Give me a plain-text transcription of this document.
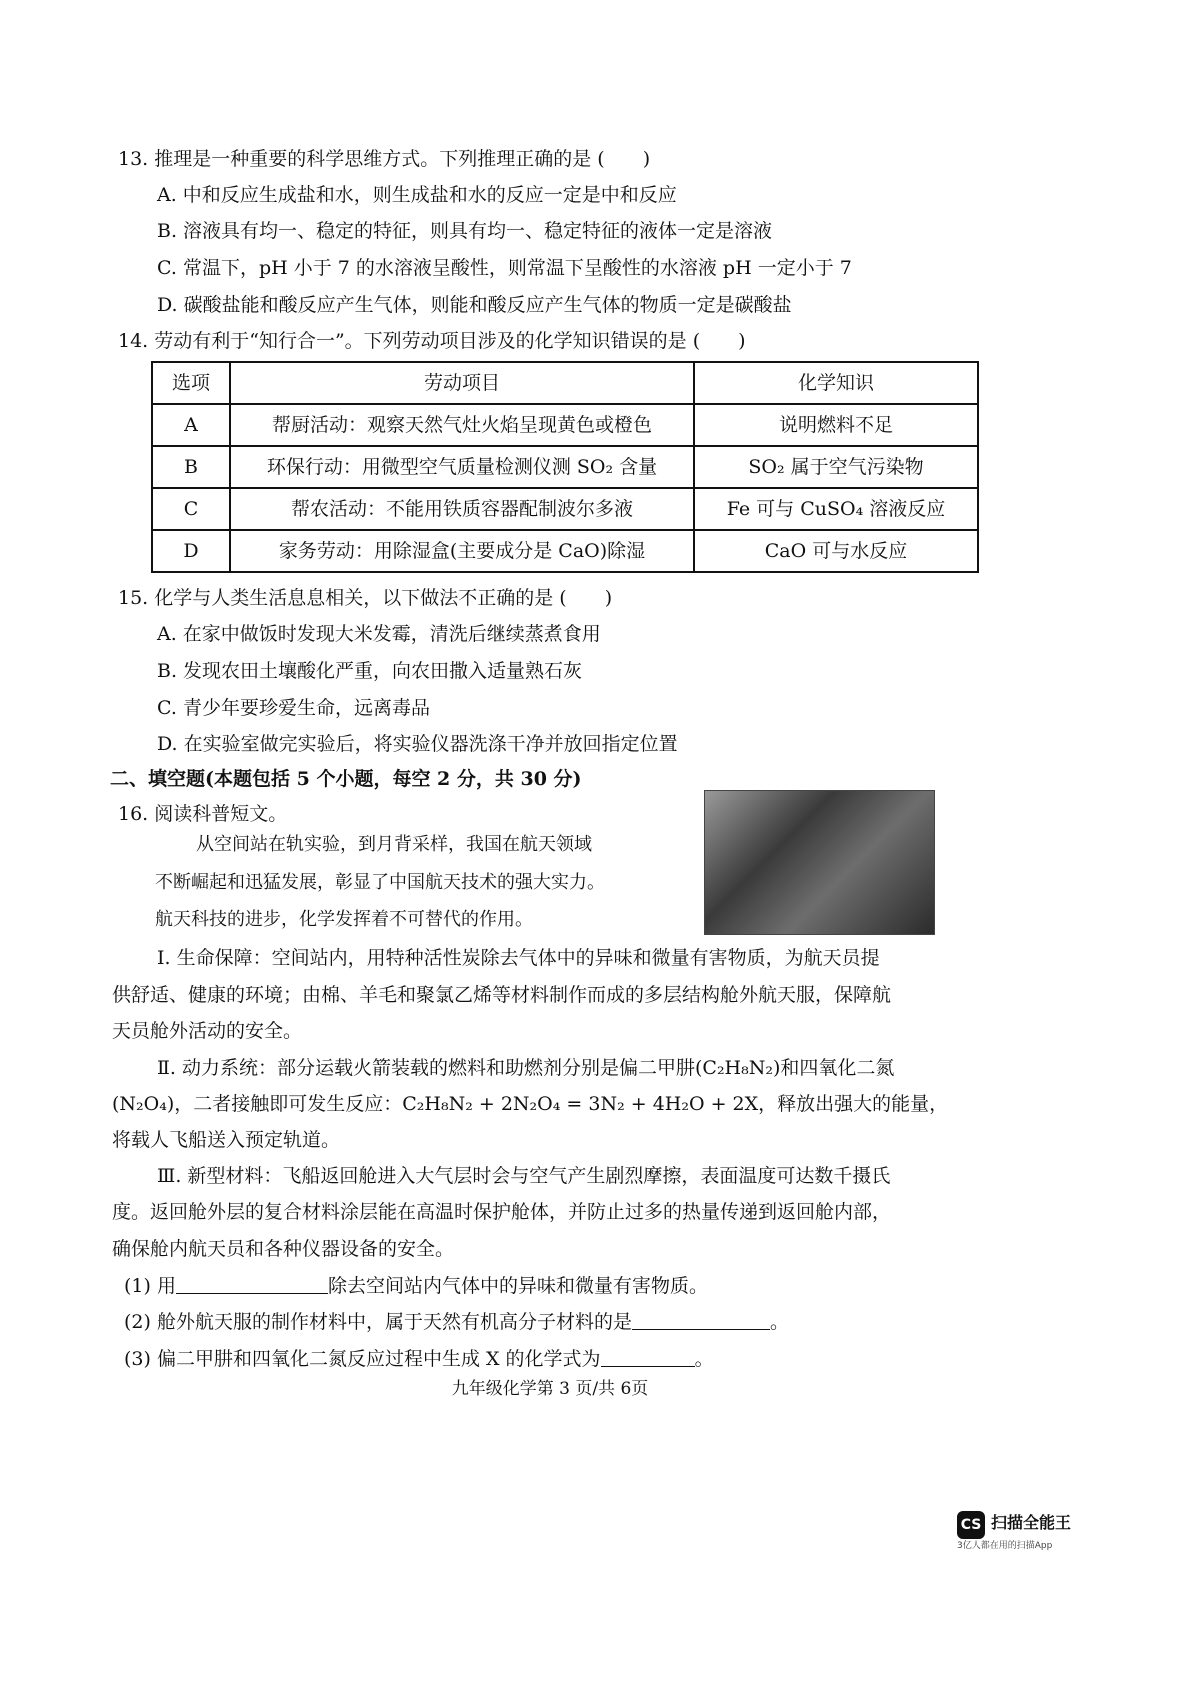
13. 推理是一种重要的科学思维方式。下列推理正确的是 (　　)
A. 中和反应生成盐和水，则生成盐和水的反应一定是中和反应
B. 溶液具有均一、稳定的特征，则具有均一、稳定特征的液体一定是溶液
C. 常温下，pH 小于 7 的水溶液呈酸性，则常温下呈酸性的水溶液 pH 一定小于 7
D. 碳酸盐能和酸反应产生气体，则能和酸反应产生气体的物质一定是碳酸盐
14. 劳动有利于“知行合一”。下列劳动项目涉及的化学知识错误的是 (　　)
选项	劳动项目	化学知识
A	帮厨活动：观察天然气灶火焰呈现黄色或橙色	说明燃料不足
B	环保行动：用微型空气质量检测仪测 SO₂ 含量	SO₂ 属于空气污染物
C	帮农活动：不能用铁质容器配制波尔多液	Fe 可与 CuSO₄ 溶液反应
D	家务劳动：用除湿盒(主要成分是 CaO)除湿	CaO 可与水反应
15. 化学与人类生活息息相关，以下做法不正确的是 (　　)
A. 在家中做饭时发现大米发霉，清洗后继续蒸煮食用
B. 发现农田土壤酸化严重，向农田撒入适量熟石灰
C. 青少年要珍爱生命，远离毒品
D. 在实验室做完实验后，将实验仪器洗涤干净并放回指定位置
二、填空题(本题包括 5 个小题，每空 2 分，共 30 分)
16. 阅读科普短文。
从空间站在轨实验，到月背采样，我国在航天领域
不断崛起和迅猛发展，彰显了中国航天技术的强大实力。
航天科技的进步，化学发挥着不可替代的作用。
Ⅰ. 生命保障：空间站内，用特种活性炭除去气体中的异味和微量有害物质，为航天员提
供舒适、健康的环境；由棉、羊毛和聚氯乙烯等材料制作而成的多层结构舱外航天服，保障航
天员舱外活动的安全。
Ⅱ. 动力系统：部分运载火箭装载的燃料和助燃剂分别是偏二甲肼(C₂H₈N₂)和四氧化二氮
(N₂O₄)，二者接触即可发生反应：C₂H₈N₂ + 2N₂O₄ = 3N₂ + 4H₂O + 2X，释放出强大的能量，
将载人飞船送入预定轨道。
Ⅲ. 新型材料：飞船返回舱进入大气层时会与空气产生剧烈摩擦，表面温度可达数千摄氏
度。返回舱外层的复合材料涂层能在高温时保护舱体，并防止过多的热量传递到返回舱内部，
确保舱内航天员和各种仪器设备的安全。
(1) 用	除去空间站内气体中的异味和微量有害物质。
(2) 舱外航天服的制作材料中，属于天然有机高分子材料的是	。
(3) 偏二甲肼和四氧化二氮反应过程中生成 X 的化学式为	。
九年级化学第 3 页/共 6页
CS 扫描全能王
3亿人都在用的扫描App
